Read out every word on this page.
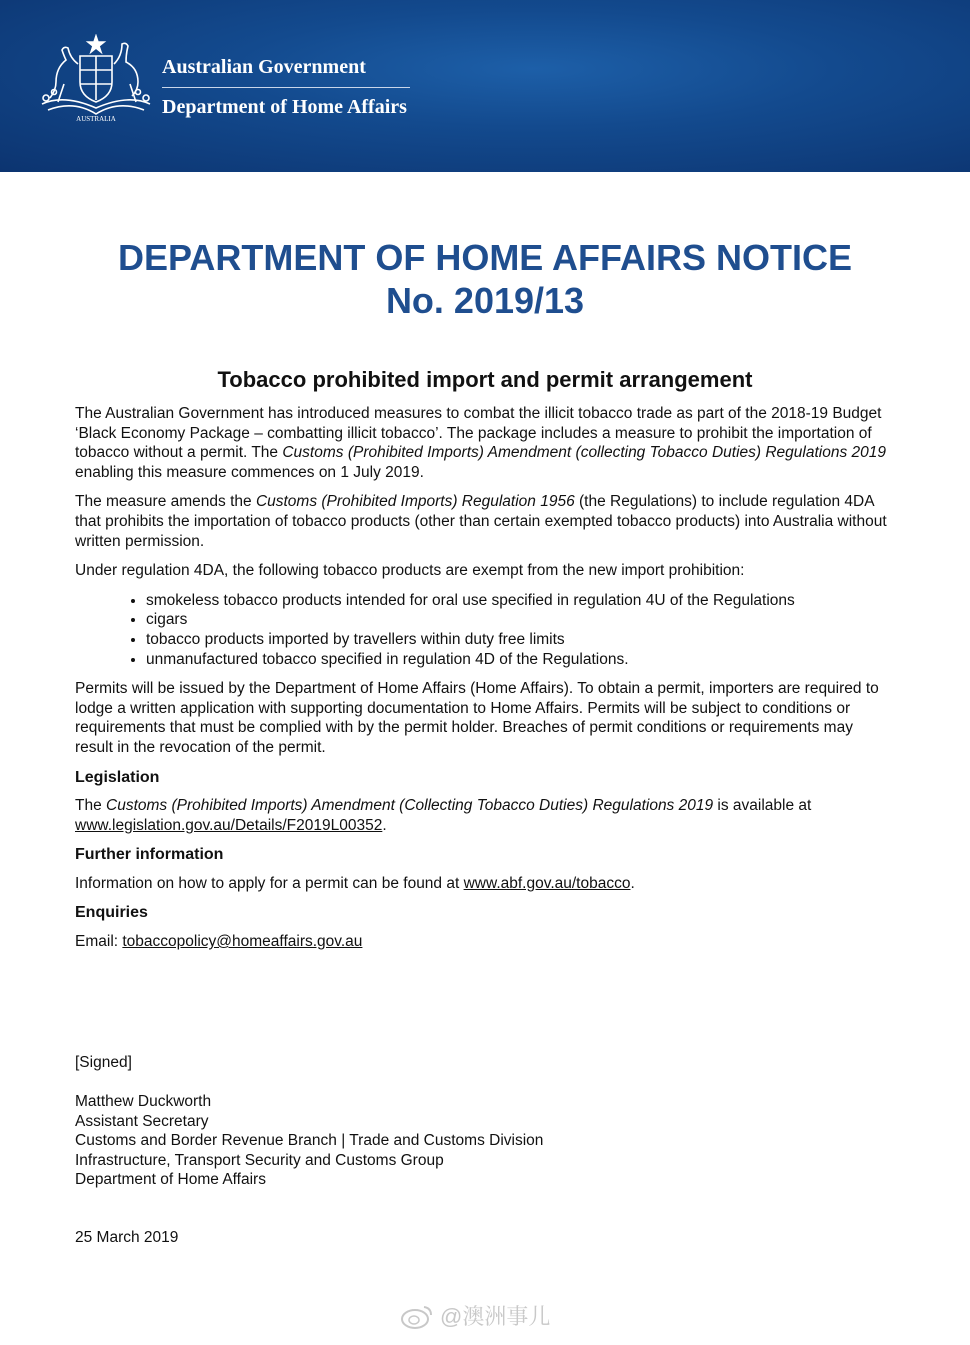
AUSTRALIA
Australian Government
Department of Home Affairs
DEPARTMENT OF HOME AFFAIRS NOTICE
No. 2019/13
Tobacco prohibited import and permit arrangement

The Australian Government has introduced measures to combat the illicit tobacco trade as part of the 2018-19 Budget ‘Black Economy Package – combatting illicit tobacco’. The package includes a measure to prohibit the importation of tobacco without a permit. The Customs (Prohibited Imports) Amendment (collecting Tobacco Duties) Regulations 2019 enabling this measure commences on 1 July 2019.

The measure amends the Customs (Prohibited Imports) Regulation 1956 (the Regulations) to include regulation 4DA that prohibits the importation of tobacco products (other than certain exempted tobacco products) into Australia without written permission.

Under regulation 4DA, the following tobacco products are exempt from the new import prohibition:

• smokeless tobacco products intended for oral use specified in regulation 4U of the Regulations
• cigars
• tobacco products imported by travellers within duty free limits
• unmanufactured tobacco specified in regulation 4D of the Regulations.

Permits will be issued by the Department of Home Affairs (Home Affairs). To obtain a permit, importers are required to lodge a written application with supporting documentation to Home Affairs. Permits will be subject to conditions or requirements that must be complied with by the permit holder. Breaches of permit conditions or requirements may result in the revocation of the permit.

Legislation

The Customs (Prohibited Imports) Amendment (Collecting Tobacco Duties) Regulations 2019 is available at www.legislation.gov.au/Details/F2019L00352.

Further information

Information on how to apply for a permit can be found at www.abf.gov.au/tobacco.

Enquiries

Email: tobaccopolicy@homeaffairs.gov.au

[Signed]
Matthew Duckworth
Assistant Secretary
Customs and Border Revenue Branch | Trade and Customs Division
Infrastructure, Transport Security and Customs Group
Department of Home Affairs
25 March 2019
@澳洲事儿
